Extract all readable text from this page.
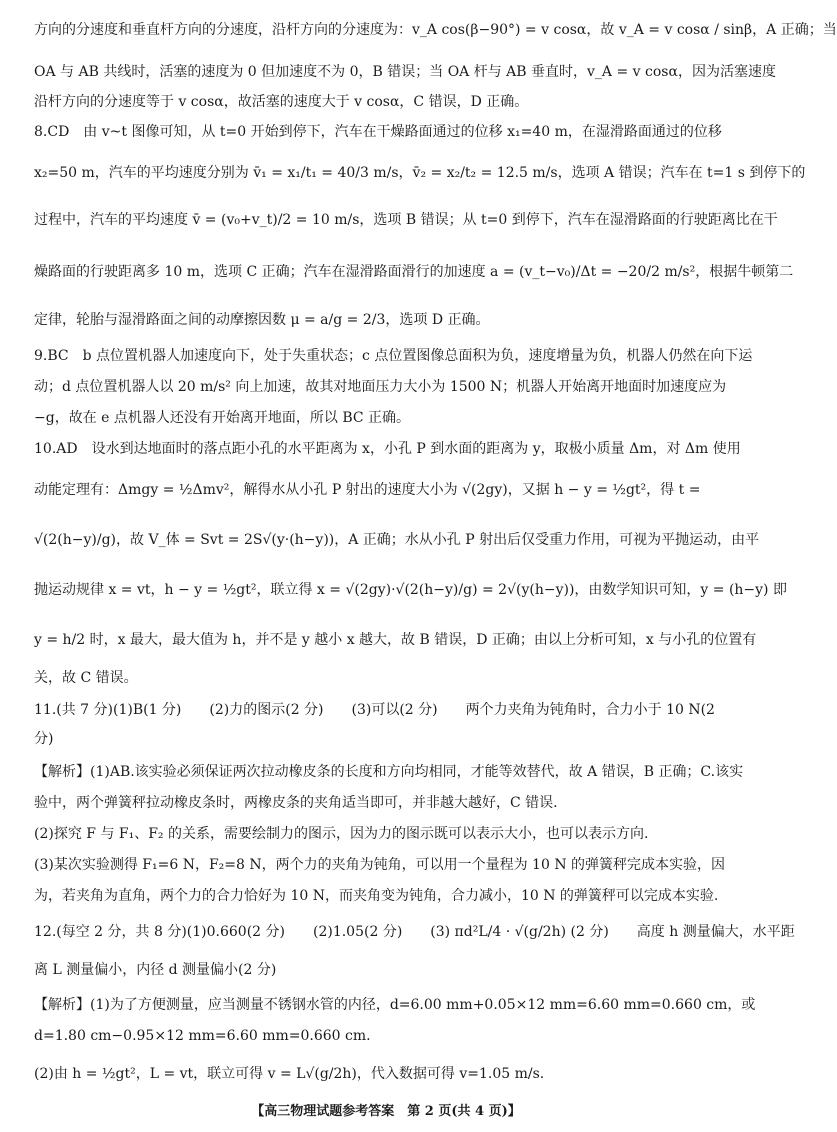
方向的分速度和垂直杆方向的分速度，沿杆方向的分速度为：v_A cos(β−90°) = v cosα，故 v_A = v cosα / sinβ，A 正确；当
OA 与 AB 共线时，活塞的速度为 0 但加速度不为 0，B 错误；当 OA 杆与 AB 垂直时，v_A = v cosα，因为活塞速度
沿杆方向的分速度等于 v cosα，故活塞的速度大于 v cosα，C 错误，D 正确。
8.CD　由 v~t 图像可知，从 t=0 开始到停下，汽车在干燥路面通过的位移 x₁=40 m，在湿滑路面通过的位移
x₂=50 m，汽车的平均速度分别为 v̄₁ = x₁/t₁ = 40/3 m/s，v̄₂ = x₂/t₂ = 12.5 m/s，选项 A 错误；汽车在 t=1 s 到停下的
过程中，汽车的平均速度 v̄ = (v₀+v_t)/2 = 10 m/s，选项 B 错误；从 t=0 到停下，汽车在湿滑路面的行驶距离比在干
燥路面的行驶距离多 10 m，选项 C 正确；汽车在湿滑路面滑行的加速度 a = (v_t−v₀)/Δt = −20/2 m/s²，根据牛顿第二
定律，轮胎与湿滑路面之间的动摩擦因数 μ = a/g = 2/3，选项 D 正确。
9.BC　b 点位置机器人加速度向下，处于失重状态；c 点位置图像总面积为负，速度增量为负，机器人仍然在向下运
动；d 点位置机器人以 20 m/s² 向上加速，故其对地面压力大小为 1500 N；机器人开始离开地面时加速度应为
−g，故在 e 点机器人还没有开始离开地面，所以 BC 正确。
10.AD　设水到达地面时的落点距小孔的水平距离为 x，小孔 P 到水面的距离为 y，取极小质量 Δm，对 Δm 使用
动能定理有：Δmgy = ½Δmv²，解得水从小孔 P 射出的速度大小为 √(2gy)，又据 h − y = ½gt²，得 t =
√(2(h−y)/g)，故 V_体 = Svt = 2S√(y·(h−y))，A 正确；水从小孔 P 射出后仅受重力作用，可视为平抛运动，由平
抛运动规律 x = vt，h − y = ½gt²，联立得 x = √(2gy)·√(2(h−y)/g) = 2√(y(h−y))，由数学知识可知，y = (h−y) 即
y = h/2 时，x 最大，最大值为 h，并不是 y 越小 x 越大，故 B 错误，D 正确；由以上分析可知，x 与小孔的位置有
关，故 C 错误。
11.(共 7 分)(1)B(1 分)　　(2)力的图示(2 分)　　(3)可以(2 分)　　两个力夹角为钝角时，合力小于 10 N(2
分)
【解析】(1)AB.该实验必须保证两次拉动橡皮条的长度和方向均相同，才能等效替代，故 A 错误，B 正确；C.该实
验中，两个弹簧秤拉动橡皮条时，两橡皮条的夹角适当即可，并非越大越好，C 错误.
(2)探究 F 与 F₁、F₂ 的关系，需要绘制力的图示，因为力的图示既可以表示大小，也可以表示方向.
(3)某次实验测得 F₁=6 N，F₂=8 N，两个力的夹角为钝角，可以用一个量程为 10 N 的弹簧秤完成本实验，因
为，若夹角为直角，两个力的合力恰好为 10 N，而夹角变为钝角，合力减小，10 N 的弹簧秤可以完成本实验.
12.(每空 2 分，共 8 分)(1)0.660(2 分)　　(2)1.05(2 分)　　(3) πd²L/4 · √(g/2h) (2 分)　　高度 h 测量偏大，水平距
离 L 测量偏小，内径 d 测量偏小(2 分)
【解析】(1)为了方便测量，应当测量不锈钢水管的内径，d=6.00 mm+0.05×12 mm=6.60 mm=0.660 cm，或
d=1.80 cm−0.95×12 mm=6.60 mm=0.660 cm.
(2)由 h = ½gt²，L = vt，联立可得 v = L√(g/2h)，代入数据可得 v=1.05 m/s.
【高三物理试题参考答案　第 2 页(共 4 页)】
